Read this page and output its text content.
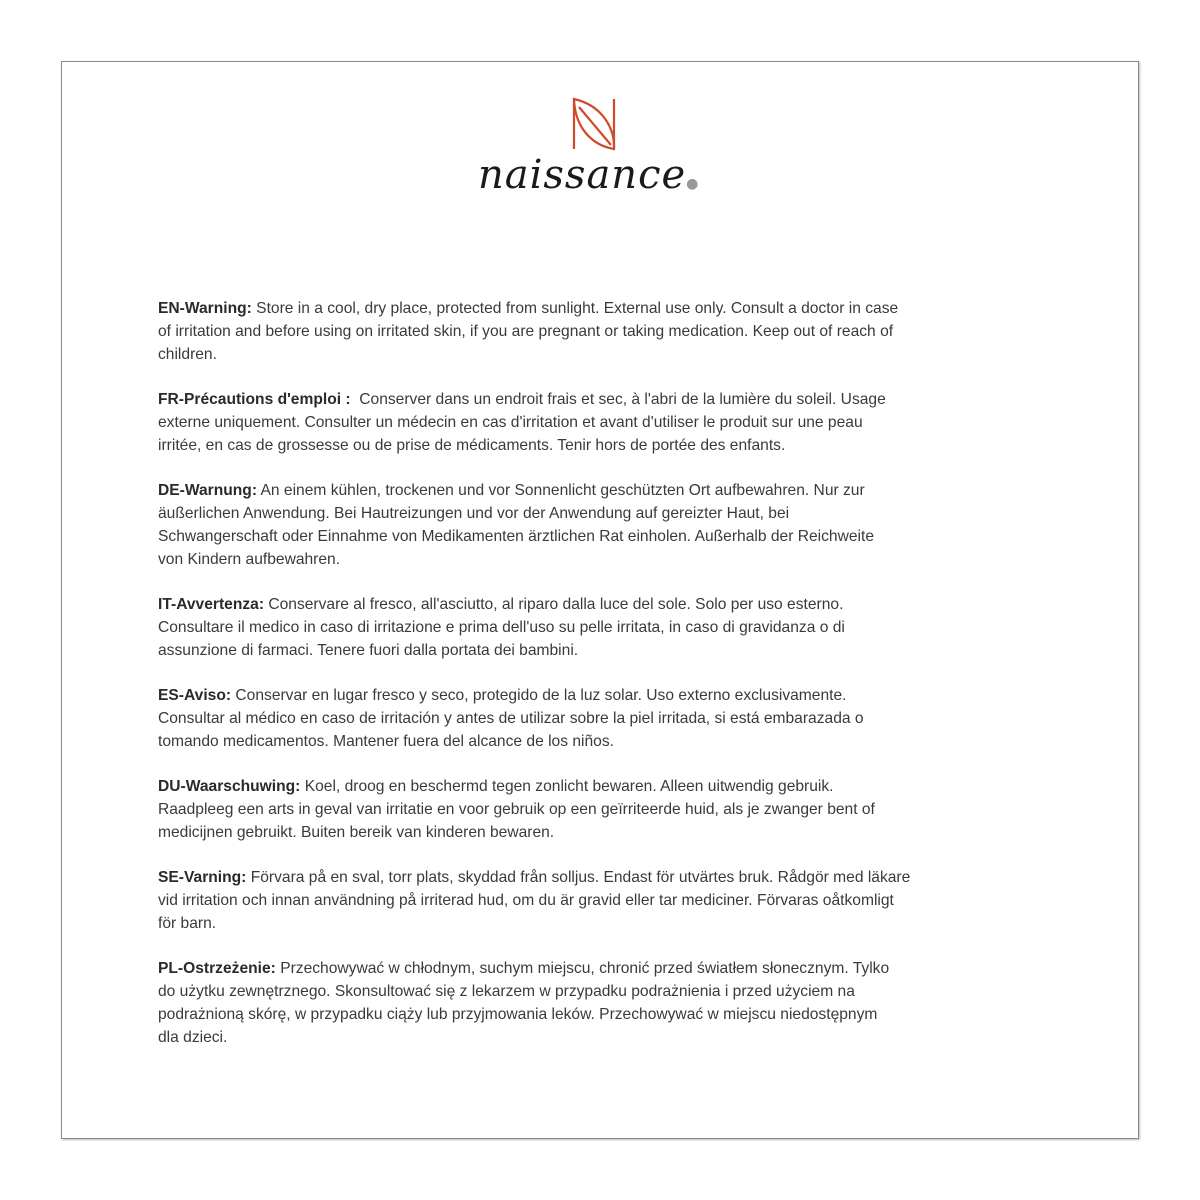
naissance●
EN-Warning: Store in a cool, dry place, protected from sunlight. External use only. Consult a doctor in case
of irritation and before using on irritated skin, if you are pregnant or taking medication. Keep out of reach of
children.
FR-Précautions d'emploi :  Conserver dans un endroit frais et sec, à l'abri de la lumière du soleil. Usage
externe uniquement. Consulter un médecin en cas d'irritation et avant d'utiliser le produit sur une peau
irritée, en cas de grossesse ou de prise de médicaments. Tenir hors de portée des enfants.
DE-Warnung: An einem kühlen, trockenen und vor Sonnenlicht geschützten Ort aufbewahren. Nur zur
äußerlichen Anwendung. Bei Hautreizungen und vor der Anwendung auf gereizter Haut, bei
Schwangerschaft oder Einnahme von Medikamenten ärztlichen Rat einholen. Außerhalb der Reichweite
von Kindern aufbewahren.
IT-Avvertenza: Conservare al fresco, all'asciutto, al riparo dalla luce del sole. Solo per uso esterno.
Consultare il medico in caso di irritazione e prima dell'uso su pelle irritata, in caso di gravidanza o di
assunzione di farmaci. Tenere fuori dalla portata dei bambini.
ES-Aviso: Conservar en lugar fresco y seco, protegido de la luz solar. Uso externo exclusivamente.
Consultar al médico en caso de irritación y antes de utilizar sobre la piel irritada, si está embarazada o
tomando medicamentos. Mantener fuera del alcance de los niños.
DU-Waarschuwing: Koel, droog en beschermd tegen zonlicht bewaren. Alleen uitwendig gebruik.
Raadpleeg een arts in geval van irritatie en voor gebruik op een geïrriteerde huid, als je zwanger bent of
medicijnen gebruikt. Buiten bereik van kinderen bewaren.
SE-Varning: Förvara på en sval, torr plats, skyddad från solljus. Endast för utvärtes bruk. Rådgör med läkare
vid irritation och innan användning på irriterad hud, om du är gravid eller tar mediciner. Förvaras oåtkomligt
för barn.
PL-Ostrzeżenie: Przechowywać w chłodnym, suchym miejscu, chronić przed światłem słonecznym. Tylko
do użytku zewnętrznego. Skonsultować się z lekarzem w przypadku podrażnienia i przed użyciem na
podrażnioną skórę, w przypadku ciąży lub przyjmowania leków. Przechowywać w miejscu niedostępnym
dla dzieci.
